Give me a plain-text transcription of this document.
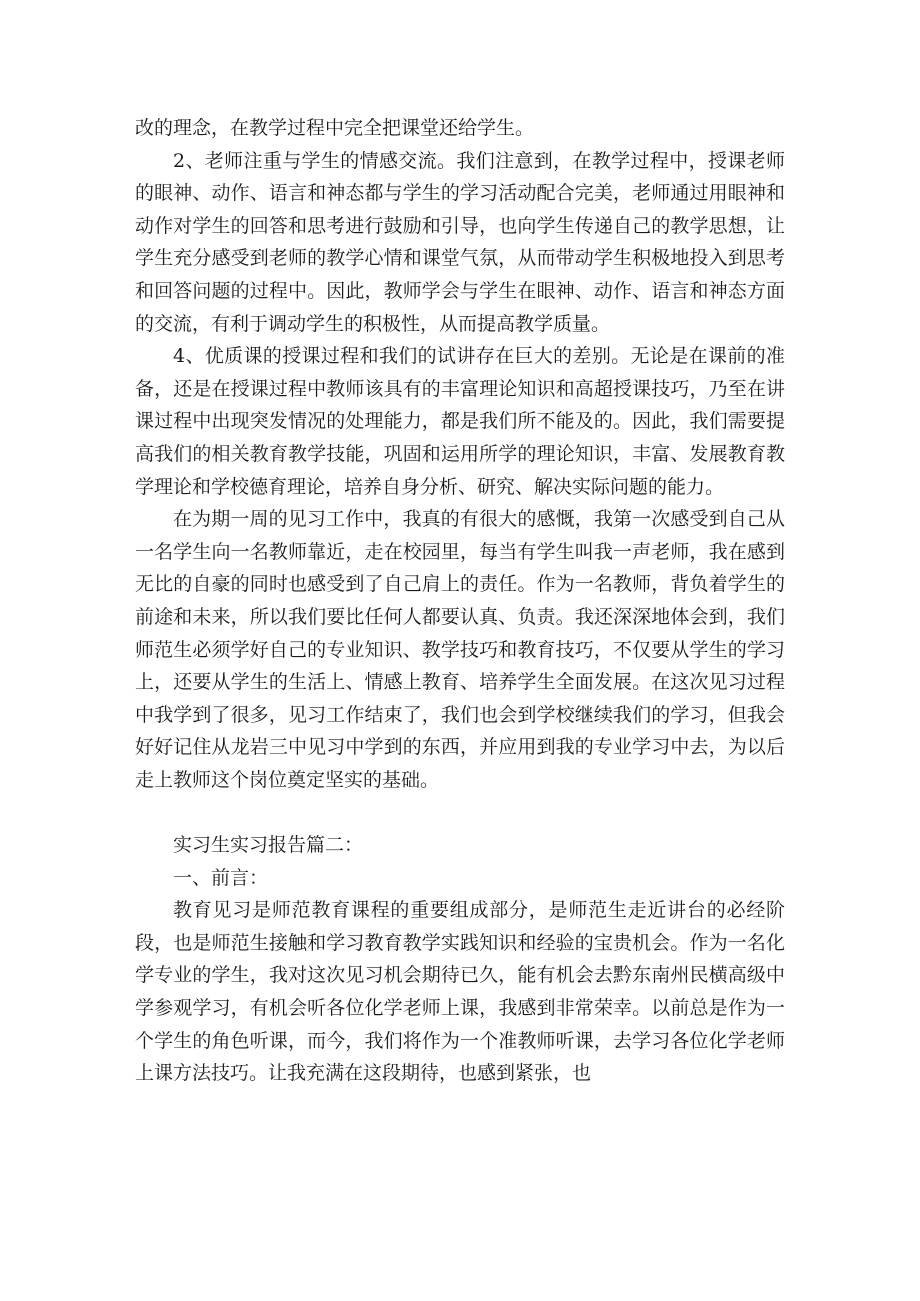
改的理念，在教学过程中完全把课堂还给学生。

2、老师注重与学生的情感交流。我们注意到，在教学过程中，授课老师的眼神、动作、语言和神态都与学生的学习活动配合完美，老师通过用眼神和动作对学生的回答和思考进行鼓励和引导，也向学生传递自己的教学思想，让学生充分感受到老师的教学心情和课堂气氛，从而带动学生积极地投入到思考和回答问题的过程中。因此，教师学会与学生在眼神、动作、语言和神态方面的交流，有利于调动学生的积极性，从而提高教学质量。

4、优质课的授课过程和我们的试讲存在巨大的差别。无论是在课前的准备，还是在授课过程中教师该具有的丰富理论知识和高超授课技巧，乃至在讲课过程中出现突发情况的处理能力，都是我们所不能及的。因此，我们需要提高我们的相关教育教学技能，巩固和运用所学的理论知识，丰富、发展教育教学理论和学校德育理论，培养自身分析、研究、解决实际问题的能力。

在为期一周的见习工作中，我真的有很大的感慨，我第一次感受到自己从一名学生向一名教师靠近，走在校园里，每当有学生叫我一声老师，我在感到无比的自豪的同时也感受到了自己肩上的责任。作为一名教师，背负着学生的前途和未来，所以我们要比任何人都要认真、负责。我还深深地体会到，我们师范生必须学好自己的专业知识、教学技巧和教育技巧，不仅要从学生的学习上，还要从学生的生活上、情感上教育、培养学生全面发展。在这次见习过程中我学到了很多，见习工作结束了，我们也会到学校继续我们的学习，但我会好好记住从龙岩三中见习中学到的东西，并应用到我的专业学习中去，为以后走上教师这个岗位奠定坚实的基础。

实习生实习报告篇二：

一、前言：

教育见习是师范教育课程的重要组成部分，是师范生走近讲台的必经阶段，也是师范生接触和学习教育教学实践知识和经验的宝贵机会。作为一名化学专业的学生，我对这次见习机会期待已久，能有机会去黔东南州民横高级中学参观学习，有机会听各位化学老师上课，我感到非常荣幸。以前总是作为一个学生的角色听课，而今，我们将作为一个准教师听课，去学习各位化学老师上课方法技巧。让我充满在这段期待，也感到紧张，也
